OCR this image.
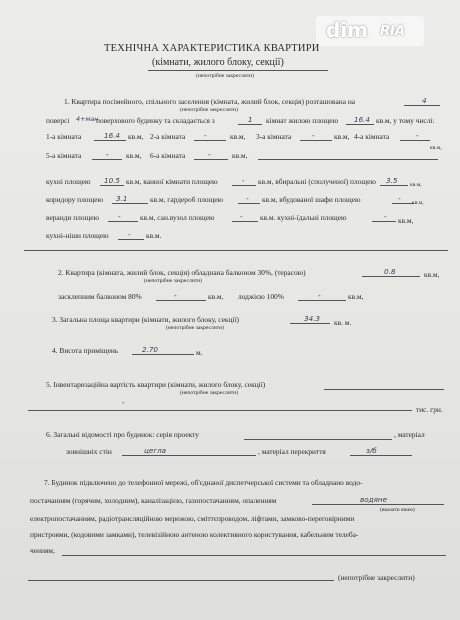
dim RIA
ТЕХНІЧНА ХАРАКТЕРИСТИКА КВАРТИРИ
(кімнати, жилого блоку, секції)
(непотрібне закреслити)
1. Квартира посімейного, спільного заселення (кімната, жилий блок, секція) розташована на	4
(непотрібне закреслити)
поверсі 4+ман
поверхового будинку та складається з	1 кімнат жилою площею 16.4 кв.м, у тому числі:
1-а кімната	16.4 кв.м, 2-а кімната	-	кв.м, 3-а кімната	-	кв.м, 4-а кімната	-
кв.м,
5-а кімната	- кв.м, 6-а кімната	-	кв.м,
кухні площею 10.5 кв.м, ванної кімнати площею	- кв.м, вбиральні (сполученої) площею 3.5 кв.м,
коридору площею 3.1	кв.м, гардероб площею	- кв.м, вбудованої шафи площею	- кв.м,
веранди площею	-	кв.м, сан.вузол площею	- кв.м. кухні-їдальні площею	- кв.м,
кухні-ніши площею	- кв.м.
2. Квартира (кімната, жилий блок, секція) обладнана балконом 30%, (терасою)	0.8	кв.м,
(непотрібне закреслити)
засклепним балконом 80%	-	кв.м, лоджією 100%	-	кв.м,
3. Загальна площа квартири (кімнати, жилого блоку, секції)	34.3 кв. м.
(непотрібне закреслити)
4. Висота приміщень	2.70	м.
5. Інвентаризаційна вартість квартири (кімнати, жилого блоку, секції)
(непотрібне закреслити)
-
тис. грн.
6. Загальні відомості про будинок: серія проекту	, матеріал
зовнішніх стін	цегла	, матеріал перекриття	з/б
7. Будинок підключено до телефонної мережі, об'єднаної диспетчерської системи та обладнано водо-
постачанням (горячим, холодним), каналізацією, газопостачанням, опаленням	водяне
(вказати яким)
електропостачанням, радіотрансляційною мережою, сміттєпроводом, ліфтами, замково-переговірними
пристроями, (кодовими замками), телевізійною антеною колективного користування, кабельним телеба-
ченням,
(непотрібне закреслити)
